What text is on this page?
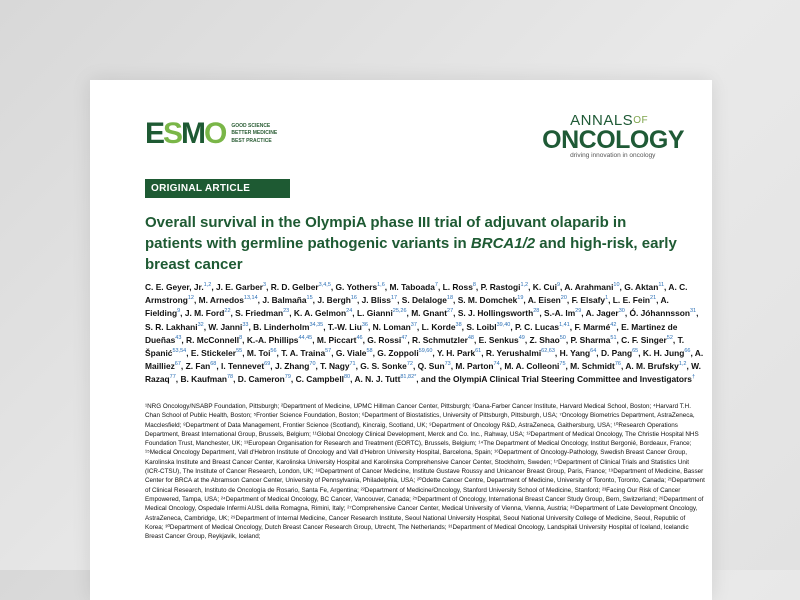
ESMO GOOD SCIENCE
BETTER MEDICINE
BEST PRACTICE
$ANNALS^{OF}$
ONCOLOGY
driving innovation in oncology
ORIGINAL ARTICLE
Overall survival in the OlympiA phase III trial of adjuvant olaparib in patients with germline pathogenic variants in BRCA1/2 and high-risk, early breast cancer
C. E. Geyer, Jr.$^{1,2}$, J. E. Garber$^3$, R. D. Gelber$^{3,4,5}$, G. Yothers$^{1,6}$, M. Taboada$^7$, L. Ross$^8$, P. Rastogi$^{1,2}$, K. Cui$^9$, A. Arahmani$^{10}$, G. Aktan$^{11}$, A. C. Armstrong$^{12}$, M. Arnedos$^{13,14}$, J. Balmaña$^{15}$, J. Bergh$^{16}$, J. Bliss$^{17}$, S. Delaloge$^{18}$, S. M. Domchek$^{19}$, A. Eisen$^{20}$, F. Elsafy$^1$, L. E. Fein$^{21}$, A. Fielding$^9$, J. M. Ford$^{22}$, S. Friedman$^{23}$, K. A. Gelmon$^{24}$, L. Gianni$^{25,26}$, M. Gnant$^{27}$, S. J. Hollingsworth$^{28}$, S.-A. Im$^{29}$, A. Jager$^{30}$, Ó. Jóhannsson$^{31}$, S. R. Lakhani$^{32}$, W. Janni$^{33}$, B. Linderholm$^{34,35}$, T.-W. Liu$^{36}$, N. Loman$^{37}$, L. Korde$^{38}$, S. Loibl$^{39,40}$, P. C. Lucas$^{1,41}$, F. Marmé$^{42}$, E. Martinez de Dueñas$^{43}$, R. McConnell$^8$, K.-A. Phillips$^{44,45}$, M. Piccart$^{46}$, G. Rossi$^{47}$, R. Schmutzler$^{48}$, E. Senkus$^{49}$, Z. Shao$^{50}$, P. Sharma$^{51}$, C. F. Singer$^{52}$, T. Španić$^{53,54}$, E. Stickeler$^{55}$, M. Toi$^{56}$, T. A. Traina$^{57}$, G. Viale$^{58}$, G. Zoppoli$^{59,60}$, Y. H. Park$^{61}$, R. Yerushalmi$^{62,63}$, H. Yang$^{64}$, D. Pang$^{65}$, K. H. Jung$^{66}$, A. Mailliez$^{67}$, Z. Fan$^{68}$, I. Tennevet$^{69}$, J. Zhang$^{70}$, T. Nagy$^{71}$, G. S. Sonke$^{72}$, Q. Sun$^{73}$, M. Parton$^{74}$, M. A. Colleoni$^{75}$, M. Schmidt$^{76}$, A. M. Brufsky$^{1,2}$, W. Razaq$^{77}$, B. Kaufman$^{78}$, D. Cameron$^{79}$, C. Campbell$^{80}$, A. N. J. Tutt$^{81,82*}$, and the OlympiA Clinical Trial Steering Committee and Investigators†
¹NRG Oncology/NSABP Foundation, Pittsburgh; ²Department of Medicine, UPMC Hillman Cancer Center, Pittsburgh; ³Dana-Farber Cancer Institute, Harvard Medical School, Boston; ⁴Harvard T.H. Chan School of Public Health, Boston; ⁵Frontier Science Foundation, Boston; ⁶Department of Biostatistics, University of Pittsburgh, Pittsburgh, USA; ⁷Oncology Biometrics Department, AstraZeneca, Macclesfield; ⁸Department of Data Management, Frontier Science (Scotland), Kincraig, Scotland, UK; ⁹Department of Oncology R&D, AstraZeneca, Gaithersburg, USA; ¹⁰Research Operations Department, Breast International Group, Brussels, Belgium; ¹¹Global Oncology Clinical Development, Merck and Co. Inc., Rahway, USA; ¹²Department of Medical Oncology, The Christie Hospital NHS Foundation Trust, Manchester, UK; ¹³European Organisation for Research and Treatment (EORTC), Brussels, Belgium; ¹⁴The Department of Medical Oncology, Institut Bergonié, Bordeaux, France; ¹⁵Medical Oncology Department, Vall d'Hebron Institute of Oncology and Vall d'Hebron University Hospital, Barcelona, Spain; ¹⁶Department of Oncology-Pathology, Swedish Breast Cancer Group, Karolinska Institute and Breast Cancer Center, Karolinska University Hospital and Karolinska Comprehensive Cancer Center, Stockholm, Sweden; ¹⁷Department of Clinical Trials and Statistics Unit (ICR-CTSU), The Institute of Cancer Research, London, UK; ¹⁸Department of Cancer Medicine, Institute Gustave Roussy and Unicancer Breast Group, Paris, France; ¹⁹Department of Medicine, Basser Center for BRCA at the Abramson Cancer Center, University of Pennsylvania, Philadelphia, USA; ²⁰Odette Cancer Centre, Department of Medicine, University of Toronto, Toronto, Canada; ²¹Department of Clinical Research, Instituto de Oncología de Rosario, Santa Fe, Argentina; ²²Department of Medicine/Oncology, Stanford University School of Medicine, Stanford; ²³Facing Our Risk of Cancer Empowered, Tampa, USA; ²⁴Department of Medical Oncology, BC Cancer, Vancouver, Canada; ²⁵Department of Oncology, International Breast Cancer Study Group, Bern, Switzerland; ²⁶Department of Medical Oncology, Ospedale Infermi AUSL della Romagna, Rimini, Italy; ²⁷Comprehensive Cancer Center, Medical University of Vienna, Vienna, Austria; ²⁸Department of Late Development Oncology, AstraZeneca, Cambridge, UK; ²⁹Department of Internal Medicine, Cancer Research Institute, Seoul National University Hospital, Seoul National University College of Medicine, Seoul, Republic of Korea; ³⁰Department of Medical Oncology, Dutch Breast Cancer Research Group, Utrecht, The Netherlands; ³¹Department of Medical Oncology, Landspitali University Hospital of Iceland, Icelandic Breast Cancer Group, Reykjavik, Iceland;
